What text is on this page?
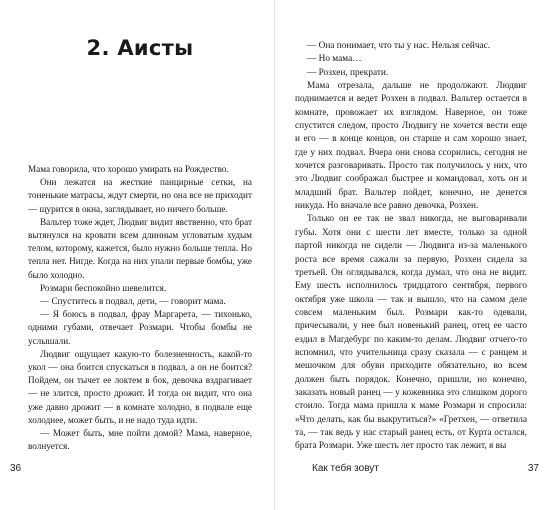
2. Аисты

Мама говорила, что хорошо умирать на Рождество.

Они лежатся на жесткие панцирные сетки, на тоненькие матрасы, ждут смерти, но она все не приходит — щурится в окна, заглядывает, но ничего больше.

Вальтер тоже ждет, Людвиг видит явственно, что брат вытянулся на кровати всем длинным угловатым худым телом, которому, кажется, было нужно больше тепла. Но тепла нет. Нигде. Когда на них упали первые бомбы, уже было холодно.

Розмари беспокойно шевелится.

— Спуститесь в подвал, дети, — говорит мама.

— Я боюсь в подвал, фрау Маргарета, — тихонько, одними губами, отвечает Розмари. Чтобы бомбы не услышали.

Людвиг ощущает какую-то болезненность, какой-то укол — она боится спускаться в подвал, а он не боится? Пойдем, он тычет ее локтем в бок, девочка вздрагивает — не злится, просто дрожит. И тогда он видит, что она уже давно дрожит — в комнате холодно, в подвале еще холоднее, может быть, и не надо туда идти.

— Может быть, мне пойти домой? Мама, наверное, волнуется.

36

— Она понимает, что ты у нас. Нельзя сейчас.

— Но мама…

— Розхен, прекрати.

Мама отрезала, дальше не продолжают. Людвиг поднимается и ведет Розхен в подвал. Вальтер остается в комнате, провожает их взглядом. Наверное, он тоже спустится следом, просто Людвигу не хочется вести еще и его — в конце концов, он старше и сам хорошо знает, где у них подвал. Вчера они снова ссорились, сегодня не хочется разговаривать. Просто так получилось у них, что это Людвиг соображал быстрее и командовал, хоть он и младший брат. Вальтер пойдет, конечно, не денется никуда. Но вначале все равно девочка, Розхен.

Только он ее так не звал никогда, не выговаривали губы. Хотя они с шести лет вместе, только за одной партой никогда не сидели — Людвига из-за маленького роста все время сажали за первую, Розхен сидела за третьей. Он оглядывался, когда думал, что она не видит. Ему шесть исполнилось тридцатого сентября, первого октября уже школа — так и вышло, что на самом деле совсем маленьким был. Розмари как-то одевали, причесывали, у нее был новенький ранец, отец ее часто ездил в Магдебург по каким-то делам. Людвиг отчего-то вспомнил, что учительница сразу сказала — с ранцем и мешочком для обуви приходите обязательно, во всем должен быть порядок. Конечно, пришли, но конечно, заказать новый ранец — у кожевника это слишком дорого стоило. Тогда мама пришла к маме Розмари и спросила: «Что делать, как бы выкрутиться?» «Гретхен, — ответила та, — так ведь у нас старый ранец есть, от Курта остался, брата Розмари. Уже шесть лет просто так лежит, я вы

Как тебя зовут	37
